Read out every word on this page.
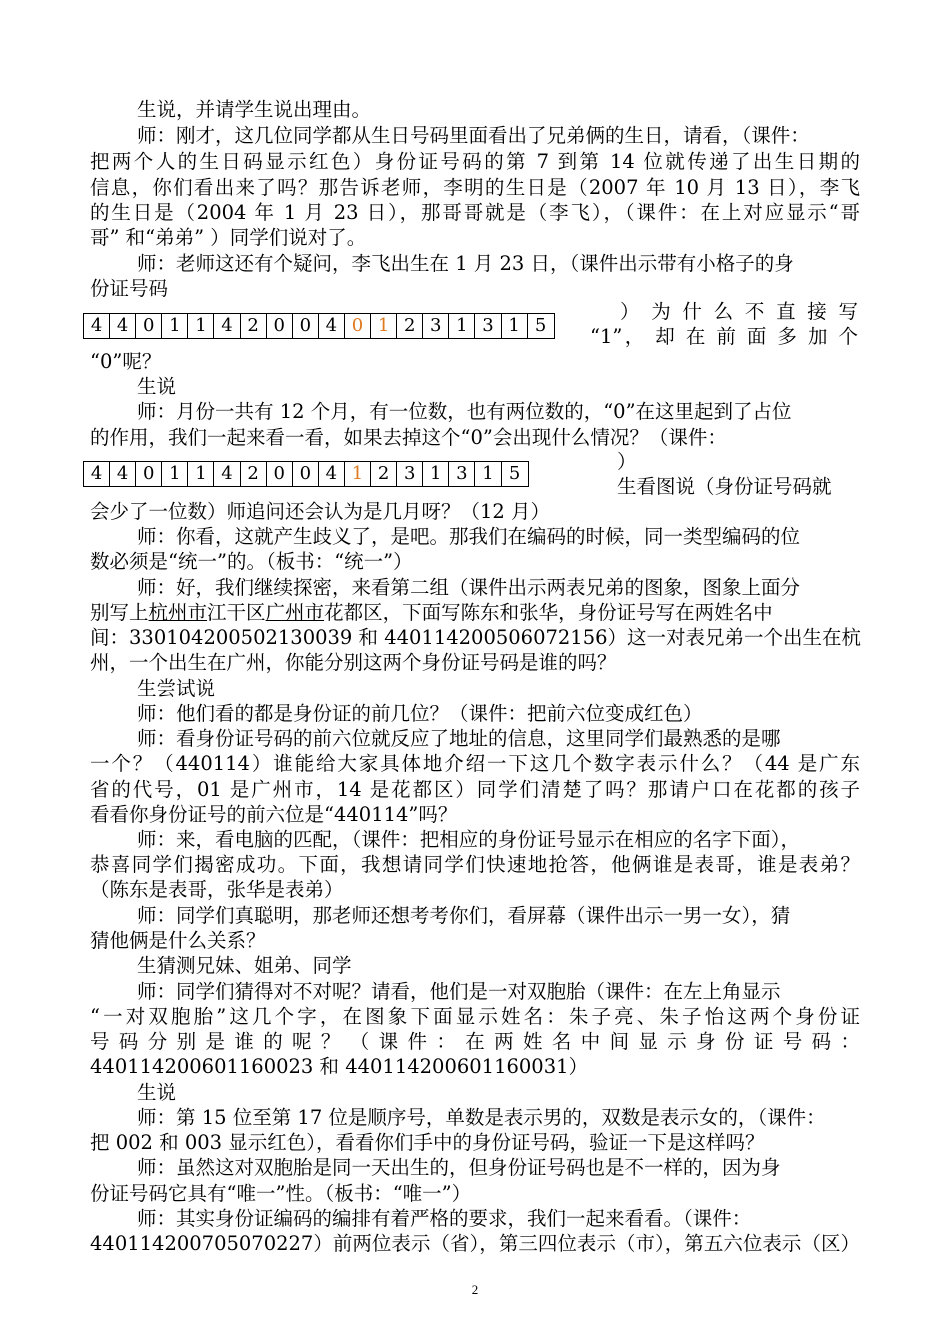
生说，并请学生说出理由。
师：刚才，这几位同学都从生日号码里面看出了兄弟俩的生日，请看，（课件：
把两个人的生日码显示红色）身份证号码的第 7 到第 14 位就传递了出生日期的
信息，你们看出来了吗？那告诉老师，李明的生日是（2007 年 10 月 13 日），李飞
的生日是（2004 年 1 月 23 日），那哥哥就是（李飞），（课件：在上对应显示“哥
哥” 和“弟弟” ）同学们说对了。
师：老师这还有个疑问，李飞出生在 1 月 23 日，（课件出示带有小格子的身
份证号码
4 4 0 1 1 4 2 0 0 4 0 1 2 3 1 3 1 5
） 为 什 么 不 直 接 写
“1”， 却 在 前 面 多 加 个
“0”呢？
生说
师：月份一共有 12 个月，有一位数，也有两位数的，“0”在这里起到了占位
的作用，我们一起来看一看，如果去掉这个“0”会出现什么情况？（课件：
4 4 0 1 1 4 2 0 0 4 1 2 3 1 3 1 5
）
生看图说（身份证号码就
会少了一位数）师追问还会认为是几月呀？（12 月）
师：你看，这就产生歧义了，是吧。那我们在编码的时候，同一类型编码的位
数必须是“统一”的。（板书：“统一”）
师：好，我们继续探密，来看第二组（课件出示两表兄弟的图象，图象上面分
别写上杭州市江干区广州市花都区，下面写陈东和张华，身份证号写在两姓名中
间：330104200502130039 和 440114200506072156）这一对表兄弟一个出生在杭
州，一个出生在广州，你能分别这两个身份证号码是谁的吗？
生尝试说
师：他们看的都是身份证的前几位？（课件：把前六位变成红色）
师：看身份证号码的前六位就反应了地址的信息，这里同学们最熟悉的是哪
一个？（440114）谁能给大家具体地介绍一下这几个数字表示什么？（44 是广东
省的代号，01 是广州市，14 是花都区）同学们清楚了吗？那请户口在花都的孩子
看看你身份证号的前六位是“440114”吗？
师：来，看电脑的匹配，（课件：把相应的身份证号显示在相应的名字下面），
恭喜同学们揭密成功。下面，我想请同学们快速地抢答，他俩谁是表哥，谁是表弟？
（陈东是表哥，张华是表弟）
师：同学们真聪明，那老师还想考考你们，看屏幕（课件出示一男一女），猜
猜他俩是什么关系？
生猜测兄妹、姐弟、同学
师：同学们猜得对不对呢？请看，他们是一对双胞胎（课件：在左上角显示
“一对双胞胎”这几个字，在图象下面显示姓名：朱子亮、朱子怡这两个身份证
号 码 分 别 是 谁 的 呢 ？ （ 课 件 ： 在 两 姓 名 中 间 显 示 身 份 证 号 码 ：
440114200601160023 和 440114200601160031）
生说
师：第 15 位至第 17 位是顺序号，单数是表示男的，双数是表示女的，（课件：
把 002 和 003 显示红色），看看你们手中的身份证号码，验证一下是这样吗？
师：虽然这对双胞胎是同一天出生的，但身份证号码也是不一样的，因为身
份证号码它具有“唯一”性。（板书：“唯一”）
师：其实身份证编码的编排有着严格的要求，我们一起来看看。（课件：
440114200705070227）前两位表示（省），第三四位表示（市），第五六位表示（区）
2
